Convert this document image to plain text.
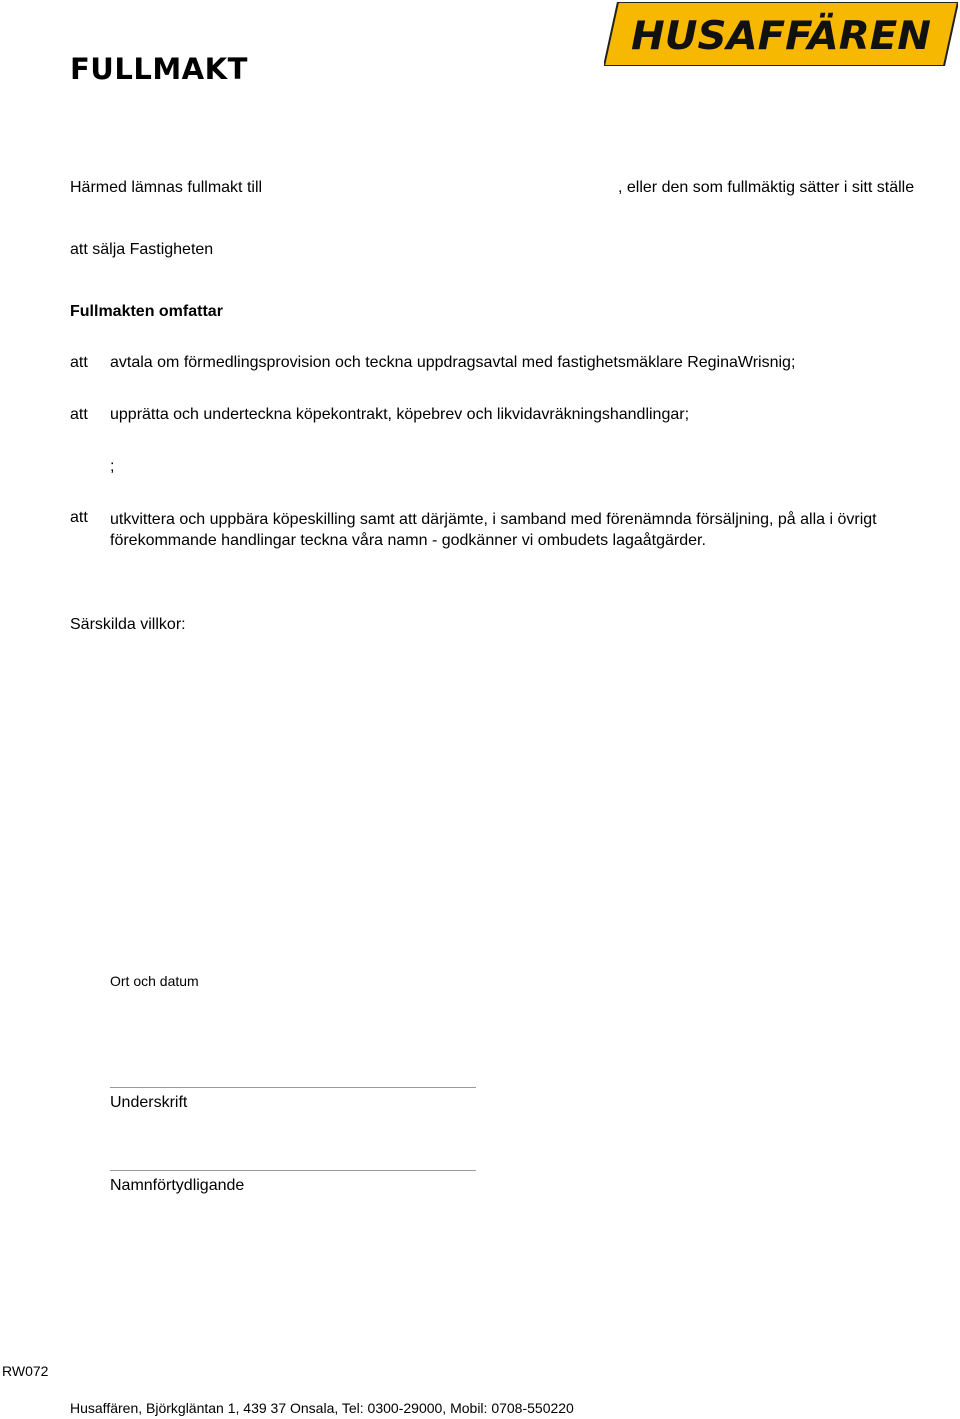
FULLMAKT
HUSAFFÄREN
Härmed lämnas fullmakt till	, eller den som fullmäktig sätter i sitt ställe
att sälja Fastigheten
Fullmakten omfattar
att avtala om förmedlingsprovision och teckna uppdragsavtal med fastighetsmäklare ReginaWrisnig;
att upprätta och underteckna köpekontrakt, köpebrev och likvidavräkningshandlingar;
;
att utkvittera och uppbära köpeskilling samt att därjämte, i samband med förenämnda försäljning, på alla i övrigt förekommande handlingar teckna våra namn - godkänner vi ombudets lagaåtgärder.
Särskilda villkor:
Ort och datum
Underskrift
Namnförtydligande
RW072
Husaffären, Björkgläntan 1, 439 37 Onsala, Tel: 0300-29000, Mobil: 0708-550220
